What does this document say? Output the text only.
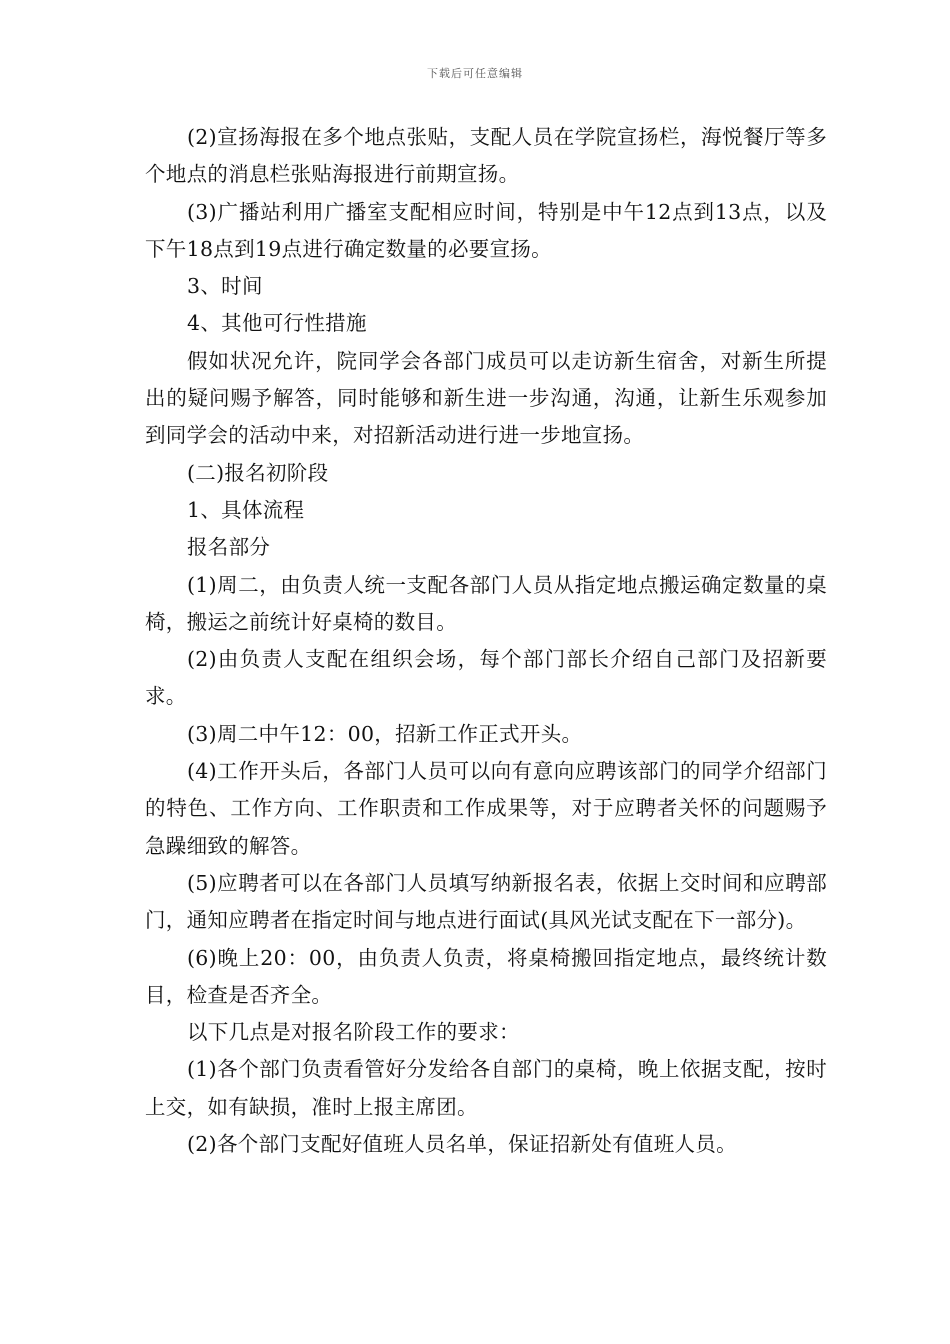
下载后可任意编辑

(2)宣扬海报在多个地点张贴，支配人员在学院宣扬栏，海悦餐厅等多个地点的消息栏张贴海报进行前期宣扬。

(3)广播站利用广播室支配相应时间，特别是中午12点到13点，以及下午18点到19点进行确定数量的必要宣扬。

3、时间

4、其他可行性措施

假如状况允许，院同学会各部门成员可以走访新生宿舍，对新生所提出的疑问赐予解答，同时能够和新生进一步沟通，沟通，让新生乐观参加到同学会的活动中来，对招新活动进行进一步地宣扬。

(二)报名初阶段

1、具体流程

报名部分

(1)周二，由负责人统一支配各部门人员从指定地点搬运确定数量的桌椅，搬运之前统计好桌椅的数目。

(2)由负责人支配在组织会场，每个部门部长介绍自己部门及招新要求。

(3)周二中午12：00，招新工作正式开头。

(4)工作开头后，各部门人员可以向有意向应聘该部门的同学介绍部门的特色、工作方向、工作职责和工作成果等，对于应聘者关怀的问题赐予急躁细致的解答。

(5)应聘者可以在各部门人员填写纳新报名表，依据上交时间和应聘部门，通知应聘者在指定时间与地点进行面试(具风光试支配在下一部分)。

(6)晚上20：00，由负责人负责，将桌椅搬回指定地点，最终统计数目，检查是否齐全。

以下几点是对报名阶段工作的要求：

(1)各个部门负责看管好分发给各自部门的桌椅，晚上依据支配，按时上交，如有缺损，准时上报主席团。

(2)各个部门支配好值班人员名单，保证招新处有值班人员。
